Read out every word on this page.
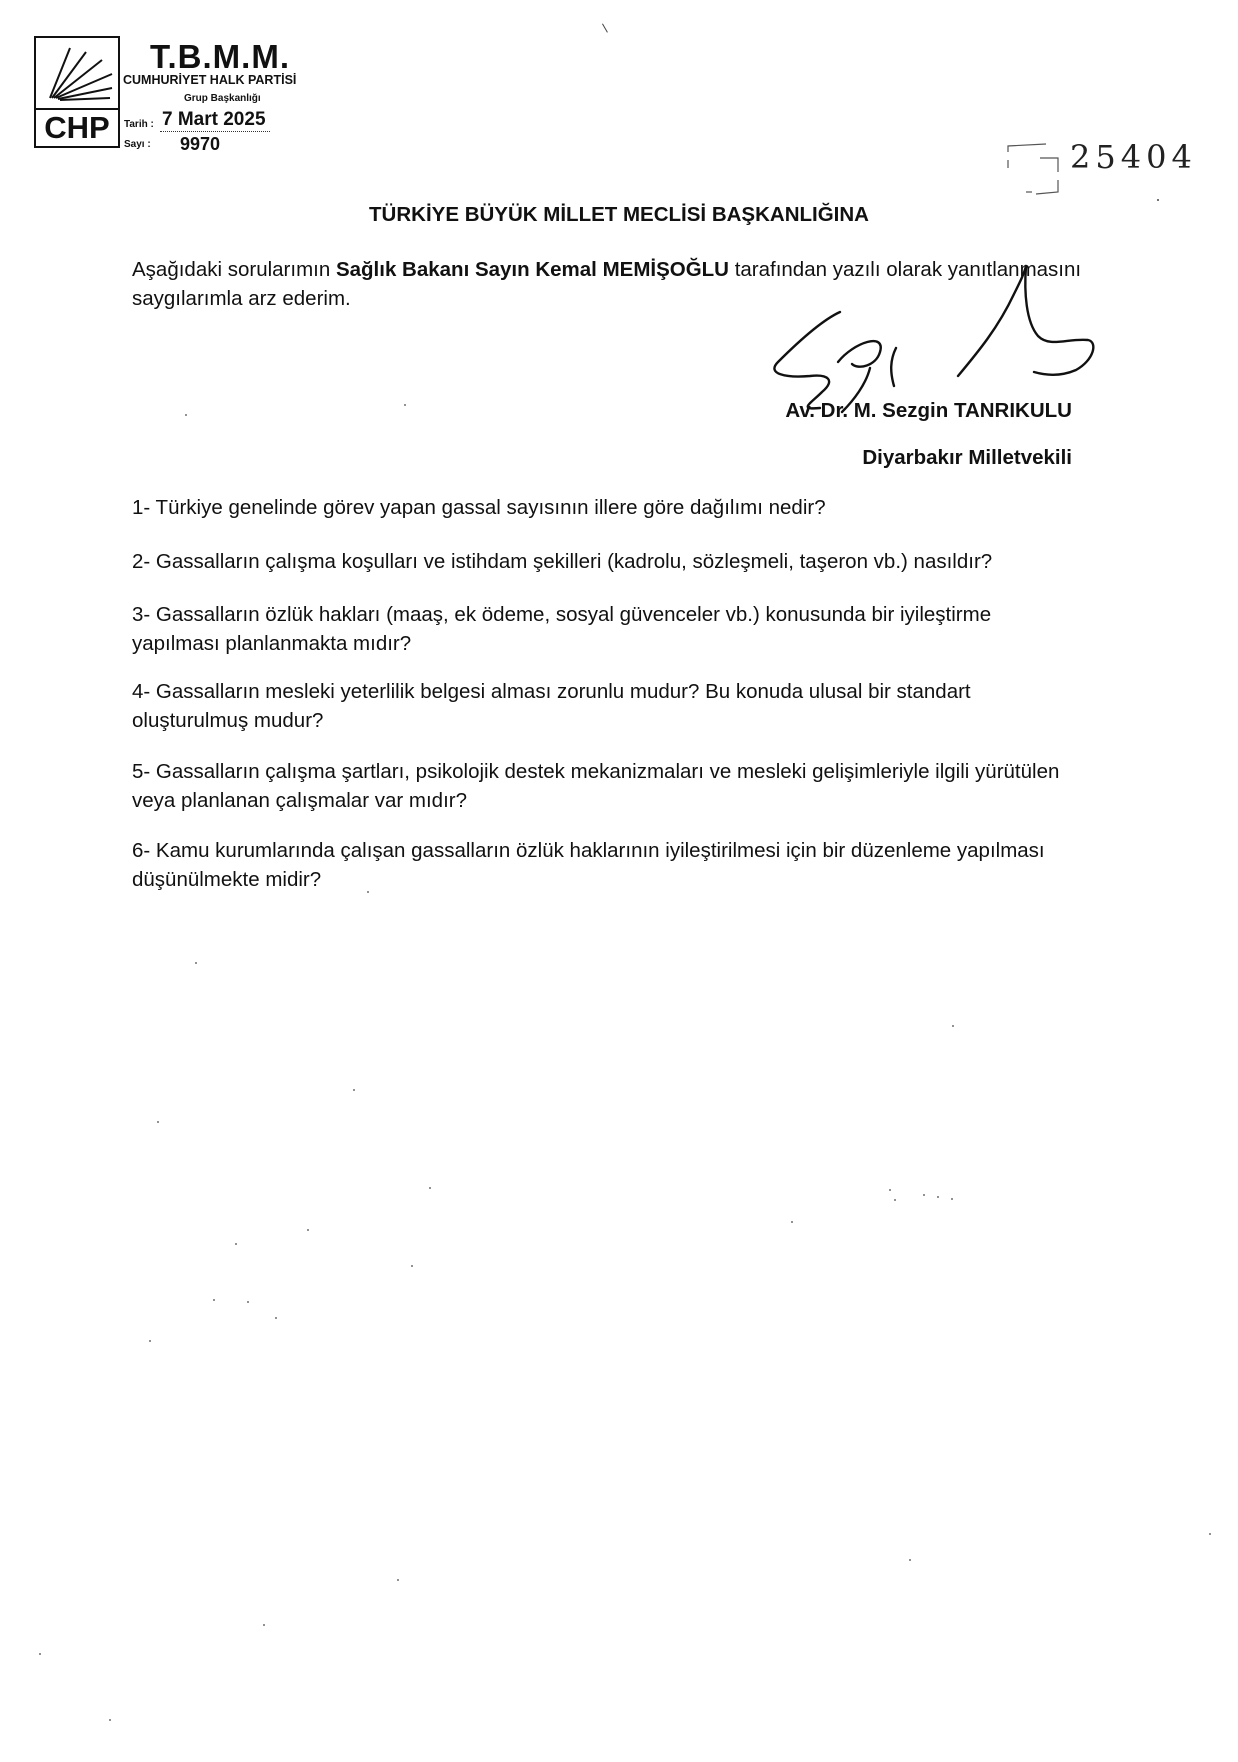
CHP
T.B.M.M.
CUMHURİYET HALK PARTİSİ
Grup Başkanlığı
Tarih : 7 Mart 2025
Sayı : 9970	25404
TÜRKİYE BÜYÜK MİLLET MECLİSİ BAŞKANLIĞINA
Aşağıdaki sorularımın Sağlık Bakanı Sayın Kemal MEMİŞOĞLU tarafından yazılı olarak yanıtlanmasını saygılarımla arz ederim.
Av. Dr. M. Sezgin TANRIKULU
Diyarbakır Milletvekili
1- Türkiye genelinde görev yapan gassal sayısının illere göre dağılımı nedir?
2- Gassalların çalışma koşulları ve istihdam şekilleri (kadrolu, sözleşmeli, taşeron vb.) nasıldır?
3- Gassalların özlük hakları (maaş, ek ödeme, sosyal güvenceler vb.) konusunda bir iyileştirme yapılması planlanmakta mıdır?
4- Gassalların mesleki yeterlilik belgesi alması zorunlu mudur? Bu konuda ulusal bir standart oluşturulmuş mudur?
5- Gassalların çalışma şartları, psikolojik destek mekanizmaları ve mesleki gelişimleriyle ilgili yürütülen veya planlanan çalışmalar var mıdır?
6- Kamu kurumlarında çalışan gassalların özlük haklarının iyileştirilmesi için bir düzenleme yapılması düşünülmekte midir?
